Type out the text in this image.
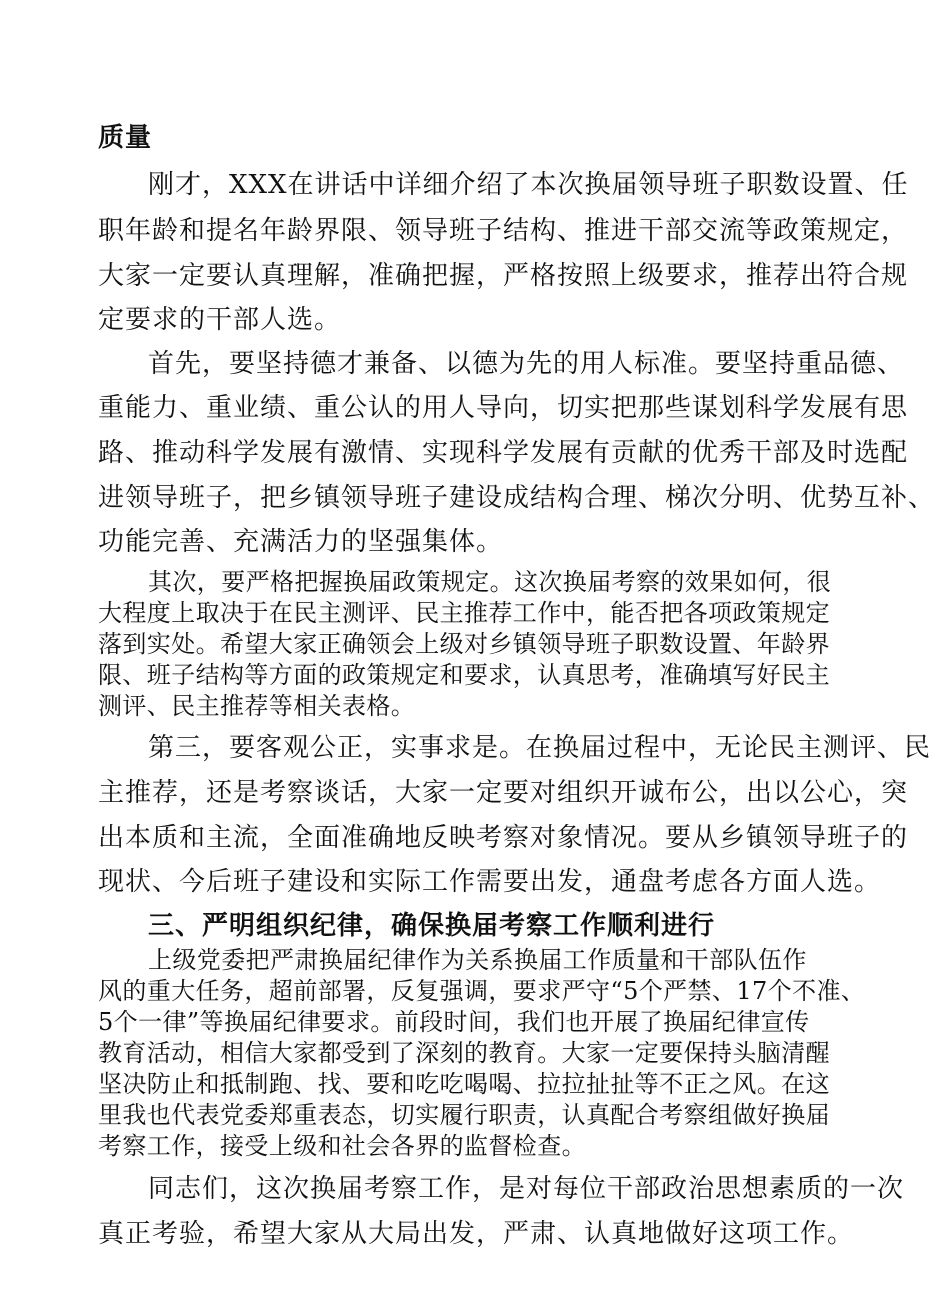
质量
刚才，XXX在讲话中详细介绍了本次换届领导班子职数设置、任
职年龄和提名年龄界限、领导班子结构、推进干部交流等政策规定，
大家一定要认真理解，准确把握，严格按照上级要求，推荐出符合规
定要求的干部人选。
首先，要坚持德才兼备、以德为先的用人标准。要坚持重品德、
重能力、重业绩、重公认的用人导向，切实把那些谋划科学发展有思
路、推动科学发展有激情、实现科学发展有贡献的优秀干部及时选配
进领导班子，把乡镇领导班子建设成结构合理、梯次分明、优势互补、
功能完善、充满活力的坚强集体。
其次，要严格把握换届政策规定。这次换届考察的效果如何，很
大程度上取决于在民主测评、民主推荐工作中，能否把各项政策规定
落到实处。希望大家正确领会上级对乡镇领导班子职数设置、年龄界
限、班子结构等方面的政策规定和要求，认真思考，准确填写好民主
测评、民主推荐等相关表格。
第三，要客观公正，实事求是。在换届过程中，无论民主测评、民
主推荐，还是考察谈话，大家一定要对组织开诚布公，出以公心，突
出本质和主流，全面准确地反映考察对象情况。要从乡镇领导班子的
现状、今后班子建设和实际工作需要出发，通盘考虑各方面人选。
三、严明组织纪律，确保换届考察工作顺利进行
上级党委把严肃换届纪律作为关系换届工作质量和干部队伍作
风的重大任务，超前部署，反复强调，要求严守“5个严禁、17个不准、
5个一律”等换届纪律要求。前段时间，我们也开展了换届纪律宣传
教育活动，相信大家都受到了深刻的教育。大家一定要保持头脑清醒
坚决防止和抵制跑、找、要和吃吃喝喝、拉拉扯扯等不正之风。在这
里我也代表党委郑重表态，切实履行职责，认真配合考察组做好换届
考察工作，接受上级和社会各界的监督检查。
同志们，这次换届考察工作，是对每位干部政治思想素质的一次
真正考验，希望大家从大局出发，严肃、认真地做好这项工作。
